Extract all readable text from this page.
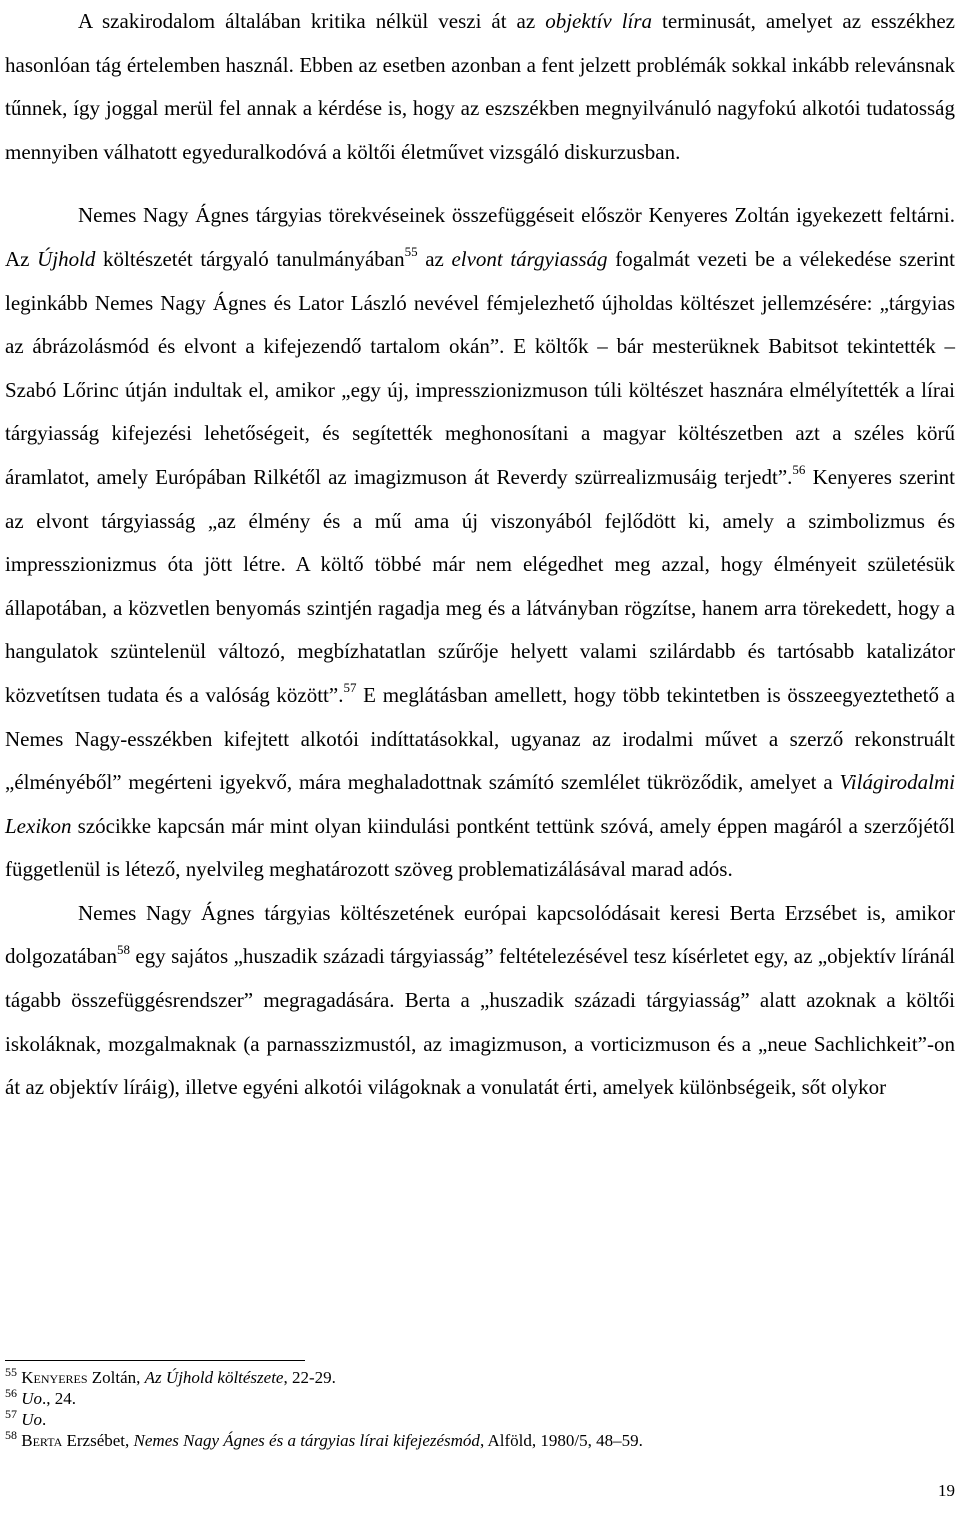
A szakirodalom általában kritika nélkül veszi át az objektív líra terminusát, amelyet az esszékhez hasonlóan tág értelemben használ. Ebben az esetben azonban a fent jelzett problémák sokkal inkább relevánsnak tűnnek, így joggal merül fel annak a kérdése is, hogy az eszszékben megnyilvánuló nagyfokú alkotói tudatosság mennyiben válhatott egyeduralkodóvá a költői életművet vizsgáló diskurzusban.

Nemes Nagy Ágnes tárgyias törekvéseinek összefüggéseit először Kenyeres Zoltán igyekezett feltárni. Az Újhold költészetét tárgyaló tanulmányában$^{55}$ az elvont tárgyiasság fogalmát vezeti be a vélekedése szerint leginkább Nemes Nagy Ágnes és Lator László nevével fémjelezhető újholdas költészet jellemzésére: „tárgyias az ábrázolásmód és elvont a kifejezendő tartalom okán”. E költők – bár mesterüknek Babitsot tekintették – Szabó Lőrinc útján indultak el, amikor „egy új, impresszionizmuson túli költészet hasznára elmélyítették a lírai tárgyiasság kifejezési lehetőségeit, és segítették meghonosítani a magyar költészetben azt a széles körű áramlatot, amely Európában Rilkétől az imagizmuson át Reverdy szürrealizmusáig terjedt”.$^{56}$ Kenyeres szerint az elvont tárgyiasság „az élmény és a mű ama új viszonyából fejlődött ki, amely a szimbolizmus és impresszionizmus óta jött létre. A költő többé már nem elégedhet meg azzal, hogy élményeit születésük állapotában, a közvetlen benyomás szintjén ragadja meg és a látványban rögzítse, hanem arra törekedett, hogy a hangulatok szüntelenül változó, megbízhatatlan szűrője helyett valami szilárdabb és tartósabb katalizátor közvetítsen tudata és a valóság között”.$^{57}$ E meglátásban amellett, hogy több tekintetben is összeegyeztethető a Nemes Nagy-esszékben kifejtett alkotói indíttatásokkal, ugyanaz az irodalmi művet a szerző rekonstruált „élményéből” megérteni igyekvő, mára meghaladottnak számító szemlélet tükröződik, amelyet a Világirodalmi Lexikon szócikke kapcsán már mint olyan kiindulási pontként tettünk szóvá, amely éppen magáról a szerzőjétől függetlenül is létező, nyelvileg meghatározott szöveg problematizálásával marad adós.

Nemes Nagy Ágnes tárgyias költészetének európai kapcsolódásait keresi Berta Erzsébet is, amikor dolgozatában$^{58}$ egy sajátos „huszadik századi tárgyiasság” feltételezésével tesz kísérletet egy, az „objektív líránál tágabb összefüggésrendszer” megragadására. Berta a „huszadik századi tárgyiasság” alatt azoknak a költői iskoláknak, mozgalmaknak (a parnasszizmustól, az imagizmuson, a vorticizmuson és a „neue Sachlichkeit”-on át az objektív líráig), illetve egyéni alkotói világoknak a vonulatát érti, amelyek különbségeik, sőt olykor

$^{55}$ Kenyeres Zoltán, Az Újhold költészete, 22-29.

$^{56}$ Uo., 24.

$^{57}$ Uo.

$^{58}$ Berta Erzsébet, Nemes Nagy Ágnes és a tárgyias lírai kifejezésmód, Alföld, 1980/5, 48–59.

19
